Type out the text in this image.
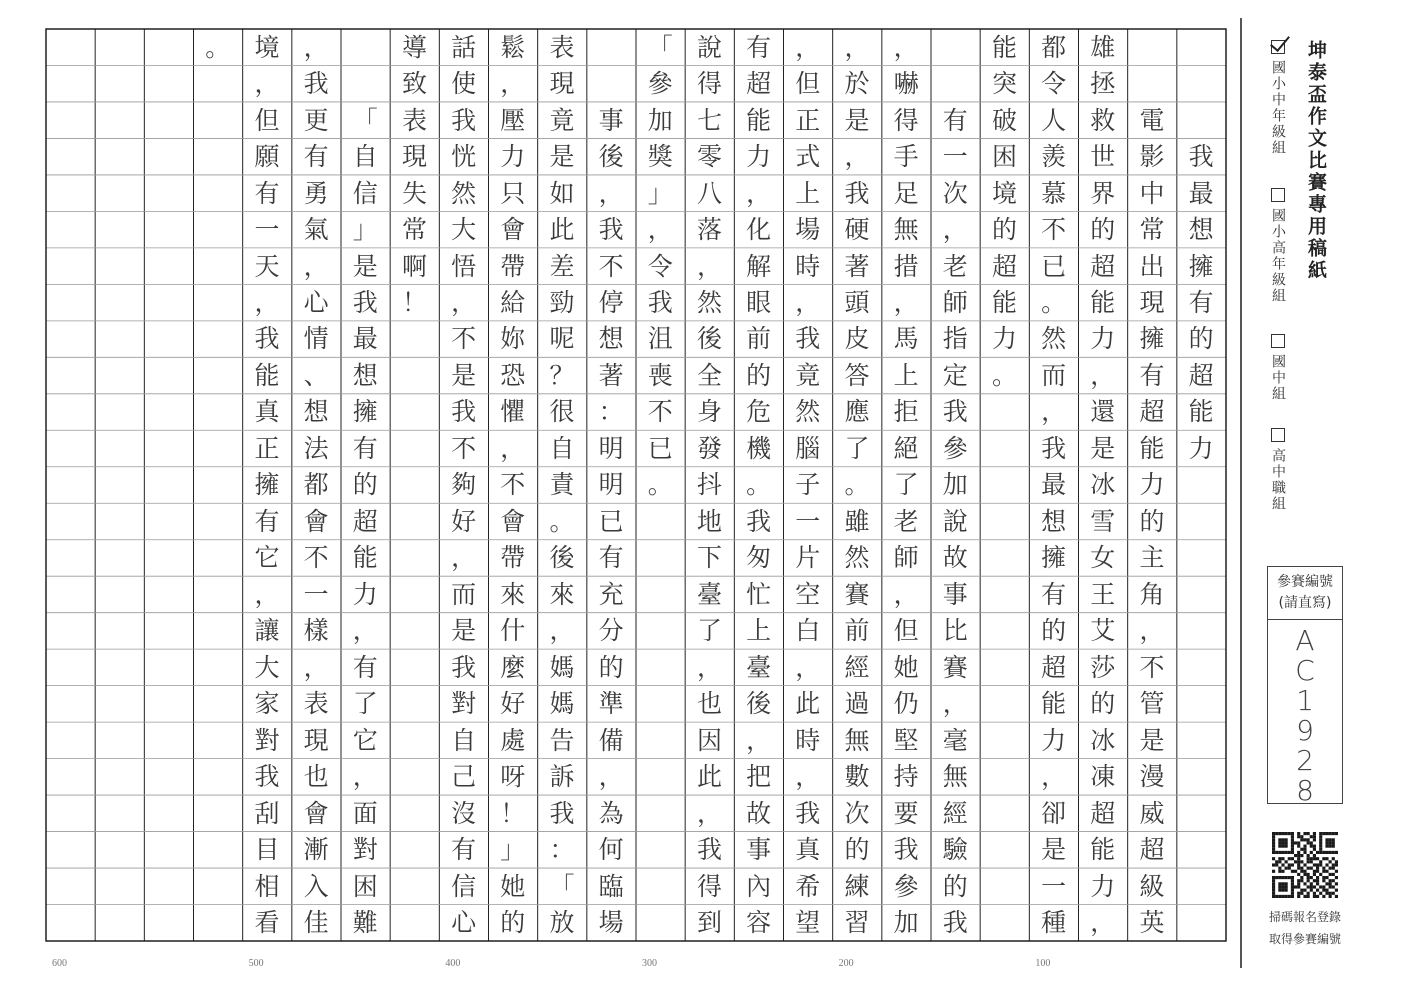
我
最
想
擁
有
的
超
能
力
電
影
中
常
出
現
擁
有
超
能
力
的
主
角
，
不
管
是
漫
威
超
級
英
雄
拯
救
世
界
的
超
能
力
，
還
是
冰
雪
女
王
艾
莎
的
冰
凍
超
能
力
，
都
令
人
羨
慕
不
已
。
然
而
，
我
最
想
擁
有
的
超
能
力
，
卻
是
一
種
能
突
破
困
境
的
超
能
力
。
有
一
次
，
老
師
指
定
我
參
加
說
故
事
比
賽
，
毫
無
經
驗
的
我
，
嚇
得
手
足
無
措
，
馬
上
拒
絕
了
老
師
，
但
她
仍
堅
持
要
我
參
加
，
於
是
，
我
硬
著
頭
皮
答
應
了
。
雖
然
賽
前
經
過
無
數
次
的
練
習
，
但
正
式
上
場
時
，
我
竟
然
腦
子
一
片
空
白
，
此
時
，
我
真
希
望
有
超
能
力
，
化
解
眼
前
的
危
機
。
我
匆
忙
上
臺
後
，
把
故
事
內
容
說
得
七
零
八
落
，
然
後
全
身
發
抖
地
下
臺
了
，
也
因
此
，
我
得
到
「
參
加
獎
」
，
令
我
沮
喪
不
已
。
事
後
，
我
不
停
想
著
：
明
明
已
有
充
分
的
準
備
，
為
何
臨
場
表
現
竟
是
如
此
差
勁
呢
？
很
自
責
。
後
來
，
媽
媽
告
訴
我
：
「
放
鬆
，
壓
力
只
會
帶
給
妳
恐
懼
，
不
會
帶
來
什
麼
好
處
呀
！
」
她
的
話
使
我
恍
然
大
悟
，
不
是
我
不
夠
好
，
而
是
我
對
自
己
沒
有
信
心
導
致
表
現
失
常
啊
！
「
自
信
」
是
我
最
想
擁
有
的
超
能
力
，
有
了
它
，
面
對
困
難
，
我
更
有
勇
氣
，
心
情
、
想
法
都
會
不
一
樣
，
表
現
也
會
漸
入
佳
境
，
但
願
有
一
天
，
我
能
真
正
擁
有
它
，
讓
大
家
對
我
刮
目
相
看
。
100
200
300
400
500
600
坤泰盃作文比賽專用稿紙
國小中年級組
國小高年級組
國中組
高中職組
參賽編號
(請直寫)
A
C
1
9
2
8
掃碼報名登錄
取得參賽編號
